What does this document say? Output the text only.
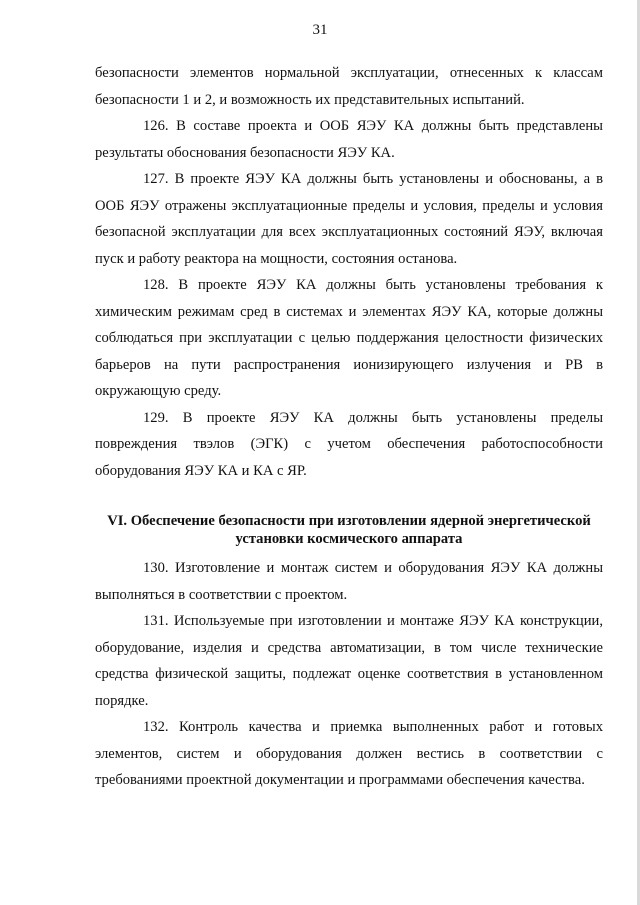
31

безопасности элементов нормальной эксплуатации, отнесенных к классам безопасности 1 и 2, и возможность их представительных испытаний.

126. В составе проекта и ООБ ЯЭУ КА должны быть представлены результаты обоснования безопасности ЯЭУ КА.

127. В проекте ЯЭУ КА должны быть установлены и обоснованы, а в ООБ ЯЭУ отражены эксплуатационные пределы и условия, пределы и условия безопасной эксплуатации для всех эксплуатационных состояний ЯЭУ, включая пуск и работу реактора на мощности, состояния останова.

128. В проекте ЯЭУ КА должны быть установлены требования к химическим режимам сред в системах и элементах ЯЭУ КА, которые должны соблюдаться при эксплуатации с целью поддержания целостности физических барьеров на пути распространения ионизирующего излучения и РВ в окружающую среду.

129. В проекте ЯЭУ КА должны быть установлены пределы повреждения твэлов (ЭГК) с учетом обеспечения работоспособности оборудования ЯЭУ КА и КА с ЯР.

VI. Обеспечение безопасности при изготовлении ядерной энергетической
установки космического аппарата

130. Изготовление и монтаж систем и оборудования ЯЭУ КА должны выполняться в соответствии с проектом.

131. Используемые при изготовлении и монтаже ЯЭУ КА конструкции, оборудование, изделия и средства автоматизации, в том числе технические средства физической защиты, подлежат оценке соответствия в установленном порядке.

132. Контроль качества и приемка выполненных работ и готовых элементов, систем и оборудования должен вестись в соответствии с требованиями проектной документации и программами обеспечения качества.
